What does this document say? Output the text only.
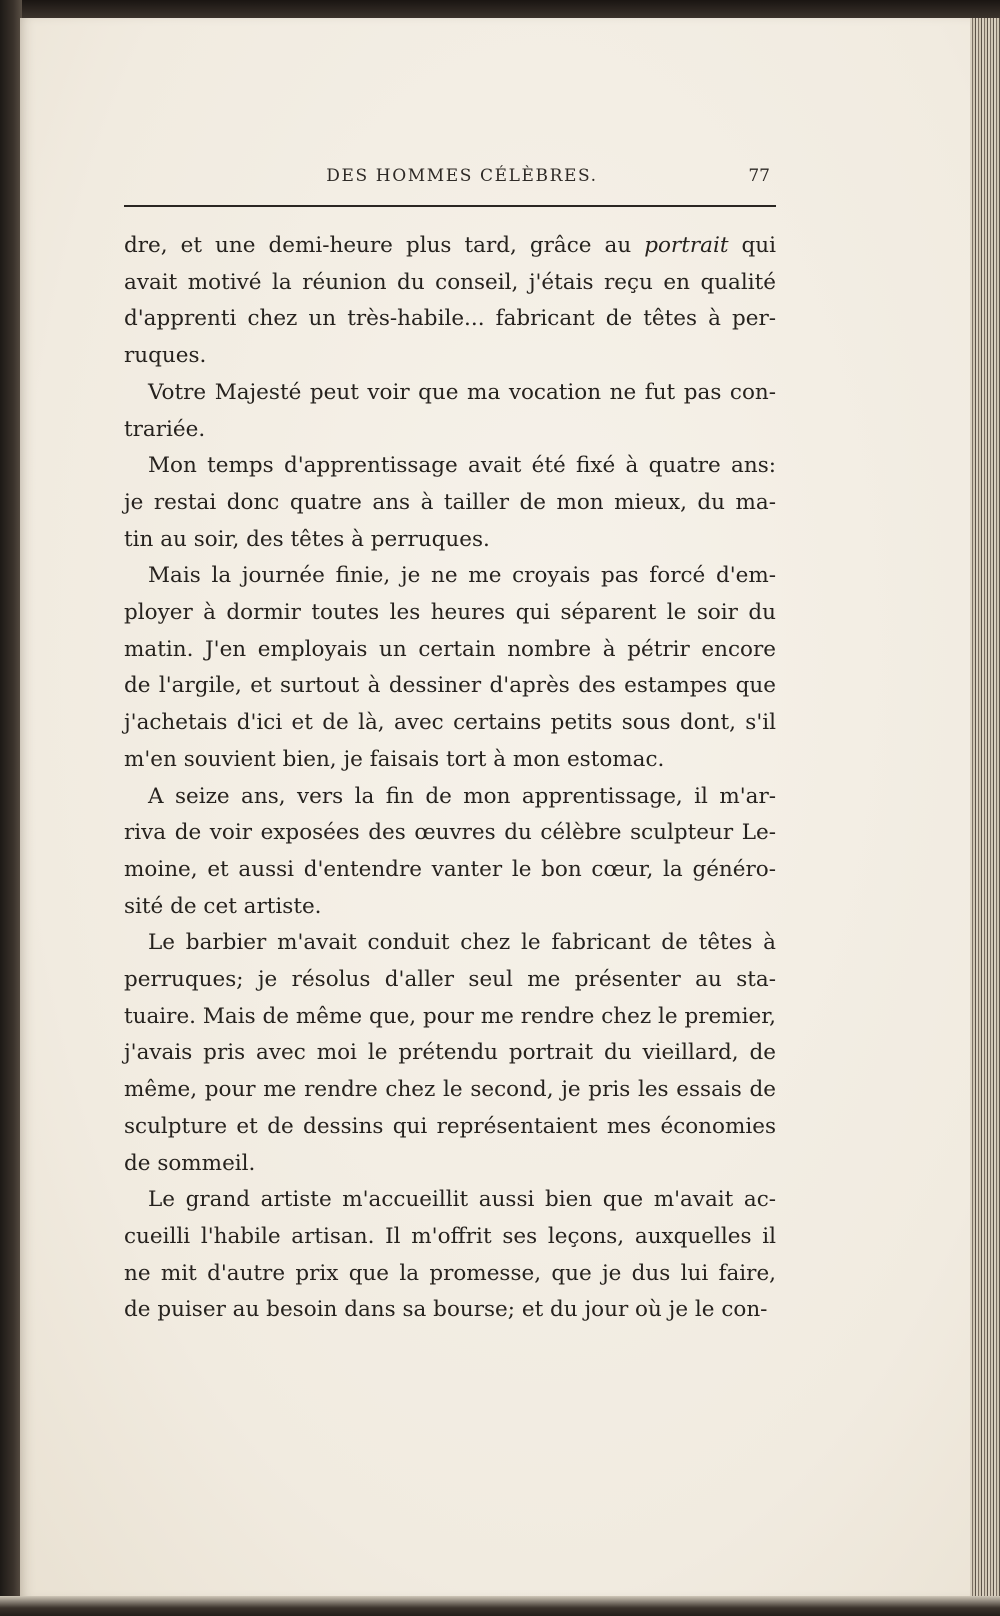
DES HOMMES CÉLÈBRES.	77
dre, et une demi-heure plus tard, grâce au portrait qui
avait motivé la réunion du conseil, j'étais reçu en qualité
d'apprenti chez un très-habile... fabricant de têtes à per-
ruques.
Votre Majesté peut voir que ma vocation ne fut pas con-
trariée.
Mon temps d'apprentissage avait été fixé à quatre ans:
je restai donc quatre ans à tailler de mon mieux, du ma-
tin au soir, des têtes à perruques.
Mais la journée finie, je ne me croyais pas forcé d'em-
ployer à dormir toutes les heures qui séparent le soir du
matin. J'en employais un certain nombre à pétrir encore
de l'argile, et surtout à dessiner d'après des estampes que
j'achetais d'ici et de là, avec certains petits sous dont, s'il
m'en souvient bien, je faisais tort à mon estomac.
A seize ans, vers la fin de mon apprentissage, il m'ar-
riva de voir exposées des œuvres du célèbre sculpteur Le-
moine, et aussi d'entendre vanter le bon cœur, la généro-
sité de cet artiste.
Le barbier m'avait conduit chez le fabricant de têtes à
perruques; je résolus d'aller seul me présenter au sta-
tuaire. Mais de même que, pour me rendre chez le premier,
j'avais pris avec moi le prétendu portrait du vieillard, de
même, pour me rendre chez le second, je pris les essais de
sculpture et de dessins qui représentaient mes économies
de sommeil.
Le grand artiste m'accueillit aussi bien que m'avait ac-
cueilli l'habile artisan. Il m'offrit ses leçons, auxquelles il
ne mit d'autre prix que la promesse, que je dus lui faire,
de puiser au besoin dans sa bourse; et du jour où je le con-
